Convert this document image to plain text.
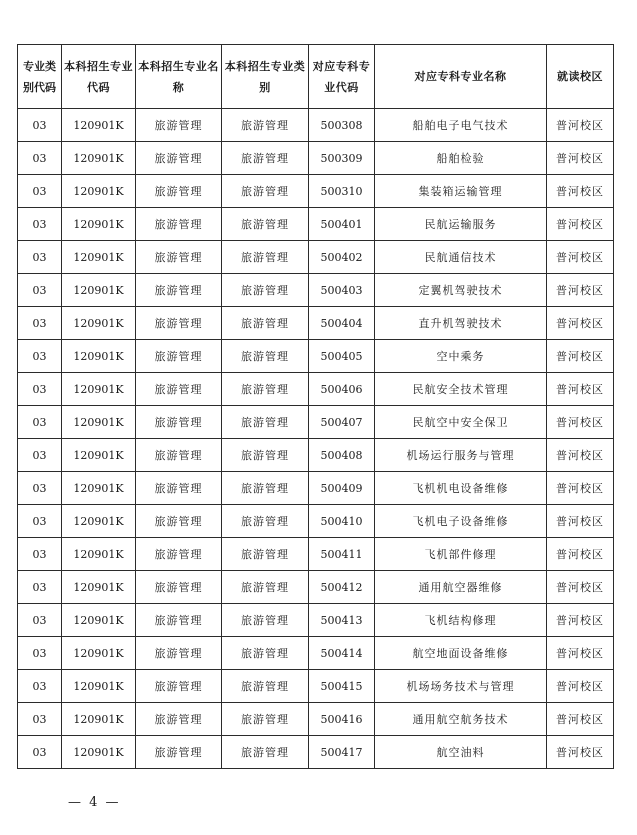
专业类别代码	本科招生专业代码	本科招生专业名称	本科招生专业类别	对应专科专业代码	对应专科专业名称	就读校区
03	120901K	旅游管理	旅游管理	500308	船舶电子电气技术	普河校区
03	120901K	旅游管理	旅游管理	500309	船舶检验	普河校区
03	120901K	旅游管理	旅游管理	500310	集装箱运输管理	普河校区
03	120901K	旅游管理	旅游管理	500401	民航运输服务	普河校区
03	120901K	旅游管理	旅游管理	500402	民航通信技术	普河校区
03	120901K	旅游管理	旅游管理	500403	定翼机驾驶技术	普河校区
03	120901K	旅游管理	旅游管理	500404	直升机驾驶技术	普河校区
03	120901K	旅游管理	旅游管理	500405	空中乘务	普河校区
03	120901K	旅游管理	旅游管理	500406	民航安全技术管理	普河校区
03	120901K	旅游管理	旅游管理	500407	民航空中安全保卫	普河校区
03	120901K	旅游管理	旅游管理	500408	机场运行服务与管理	普河校区
03	120901K	旅游管理	旅游管理	500409	飞机机电设备维修	普河校区
03	120901K	旅游管理	旅游管理	500410	飞机电子设备维修	普河校区
03	120901K	旅游管理	旅游管理	500411	飞机部件修理	普河校区
03	120901K	旅游管理	旅游管理	500412	通用航空器维修	普河校区
03	120901K	旅游管理	旅游管理	500413	飞机结构修理	普河校区
03	120901K	旅游管理	旅游管理	500414	航空地面设备维修	普河校区
03	120901K	旅游管理	旅游管理	500415	机场场务技术与管理	普河校区
03	120901K	旅游管理	旅游管理	500416	通用航空航务技术	普河校区
03	120901K	旅游管理	旅游管理	500417	航空油料	普河校区
— 4 —
